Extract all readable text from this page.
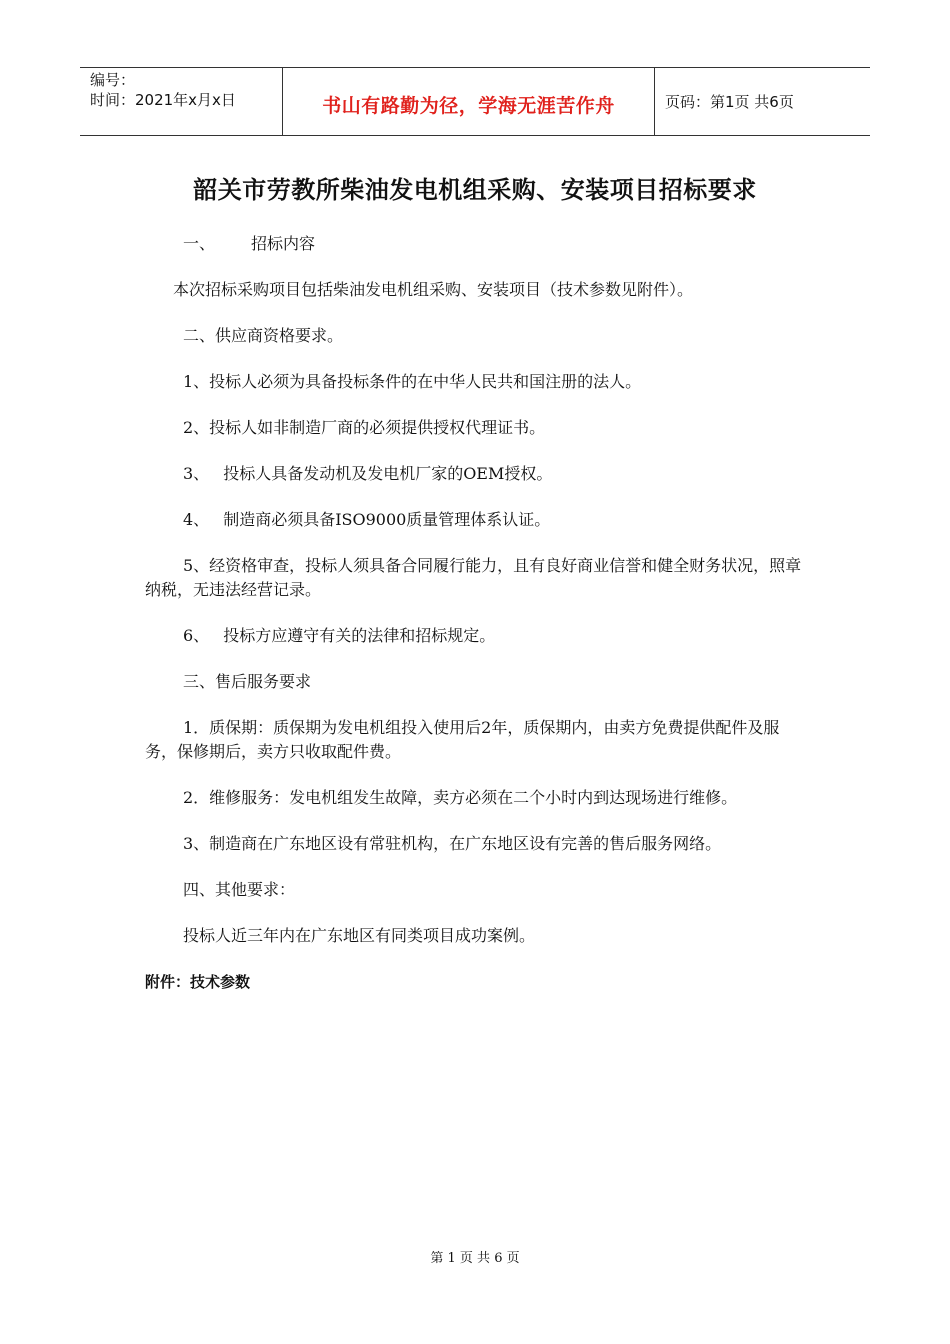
编号：
时间：2021年x月x日	书山有路勤为径，学海无涯苦作舟	页码：第1页 共6页
韶关市劳教所柴油发电机组采购、安装项目招标要求

一、 招标内容

本次招标采购项目包括柴油发电机组采购、安装项目（技术参数见附件）。

二、供应商资格要求。

1、投标人必须为具备投标条件的在中华人民共和国注册的法人。

2、投标人如非制造厂商的必须提供授权代理证书。

3、 投标人具备发动机及发电机厂家的OEM授权。

4、 制造商必须具备ISO9000质量管理体系认证。

5、经资格审查，投标人须具备合同履行能力，且有良好商业信誉和健全财务状况，照章纳税，无违法经营记录。

6、 投标方应遵守有关的法律和招标规定。

三、售后服务要求

1．质保期：质保期为发电机组投入使用后2年，质保期内，由卖方免费提供配件及服务，保修期后，卖方只收取配件费。

2．维修服务：发电机组发生故障，卖方必须在二个小时内到达现场进行维修。

3、制造商在广东地区设有常驻机构，在广东地区设有完善的售后服务网络。

四、其他要求：

投标人近三年内在广东地区有同类项目成功案例。

附件：技术参数

第 1 页 共 6 页
